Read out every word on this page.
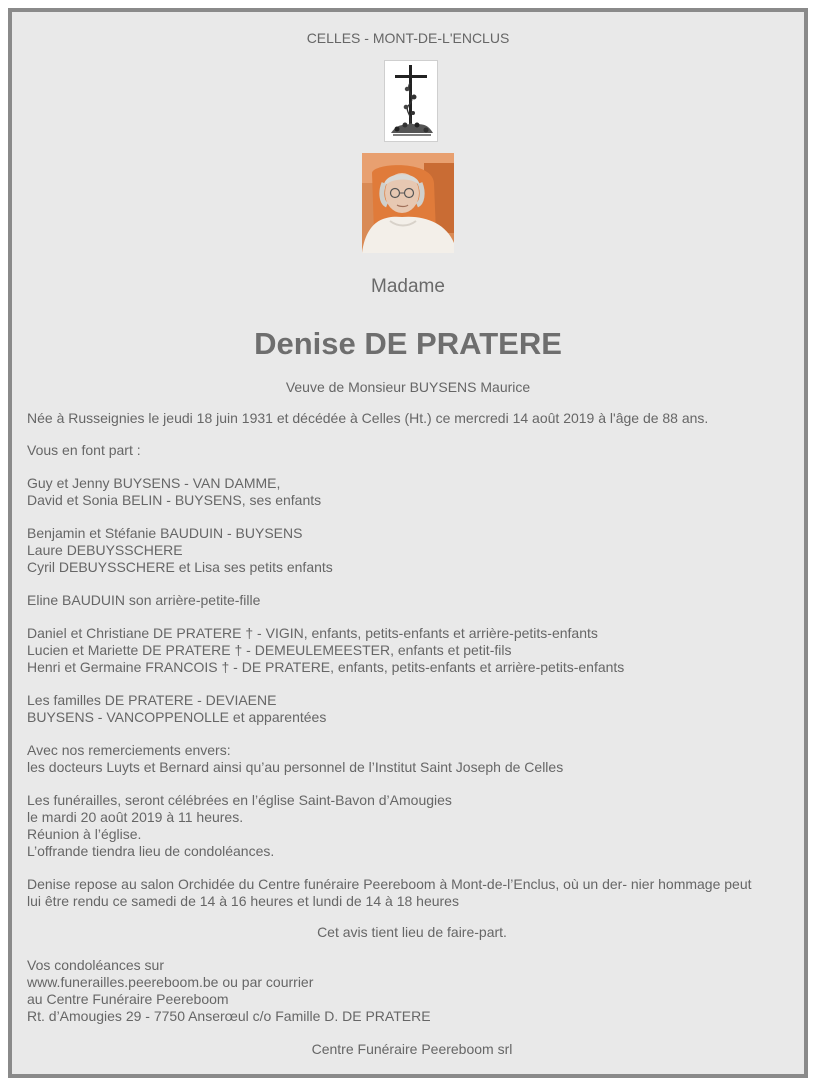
CELLES - MONT-DE-L'ENCLUS
Madame
Denise DE PRATERE
Veuve de Monsieur BUYSENS Maurice
Née à Russeignies le jeudi 18 juin 1931 et décédée à Celles (Ht.) ce mercredi 14 août 2019 à l'âge de 88 ans.
Vous en font part :
Guy et Jenny BUYSENS - VAN DAMME,
David et Sonia BELIN - BUYSENS, ses enfants
Benjamin et Stéfanie BAUDUIN - BUYSENS
Laure DEBUYSSCHERE
Cyril DEBUYSSCHERE et Lisa ses petits enfants
Eline BAUDUIN son arrière-petite-fille
Daniel et Christiane DE PRATERE † - VIGIN, enfants, petits-enfants et arrière-petits-enfants
Lucien et Mariette DE PRATERE † - DEMEULEMEESTER, enfants et petit-fils
Henri et Germaine FRANCOIS † - DE PRATERE, enfants, petits-enfants et arrière-petits-enfants
Les familles DE PRATERE - DEVIAENE
BUYSENS - VANCOPPENOLLE et apparentées
Avec nos remerciements envers:
les docteurs Luyts et Bernard ainsi qu’au personnel de l’Institut Saint Joseph de Celles
Les funérailles, seront célébrées en l’église Saint-Bavon d’Amougies
le mardi 20 août 2019 à 11 heures.
Réunion à l’église.
L’offrande tiendra lieu de condoléances.
Denise repose au salon Orchidée du Centre funéraire Peereboom à Mont-de-l’Enclus, où un der- nier hommage peut
lui être rendu ce samedi de 14 à 16 heures et lundi de 14 à 18 heures
Cet avis tient lieu de faire-part.
Vos condoléances sur
www.funerailles.peereboom.be ou par courrier
au Centre Funéraire Peereboom
Rt. d’Amougies 29 - 7750 Anserœul c/o Famille D. DE PRATERE
Centre Funéraire Peereboom srl
